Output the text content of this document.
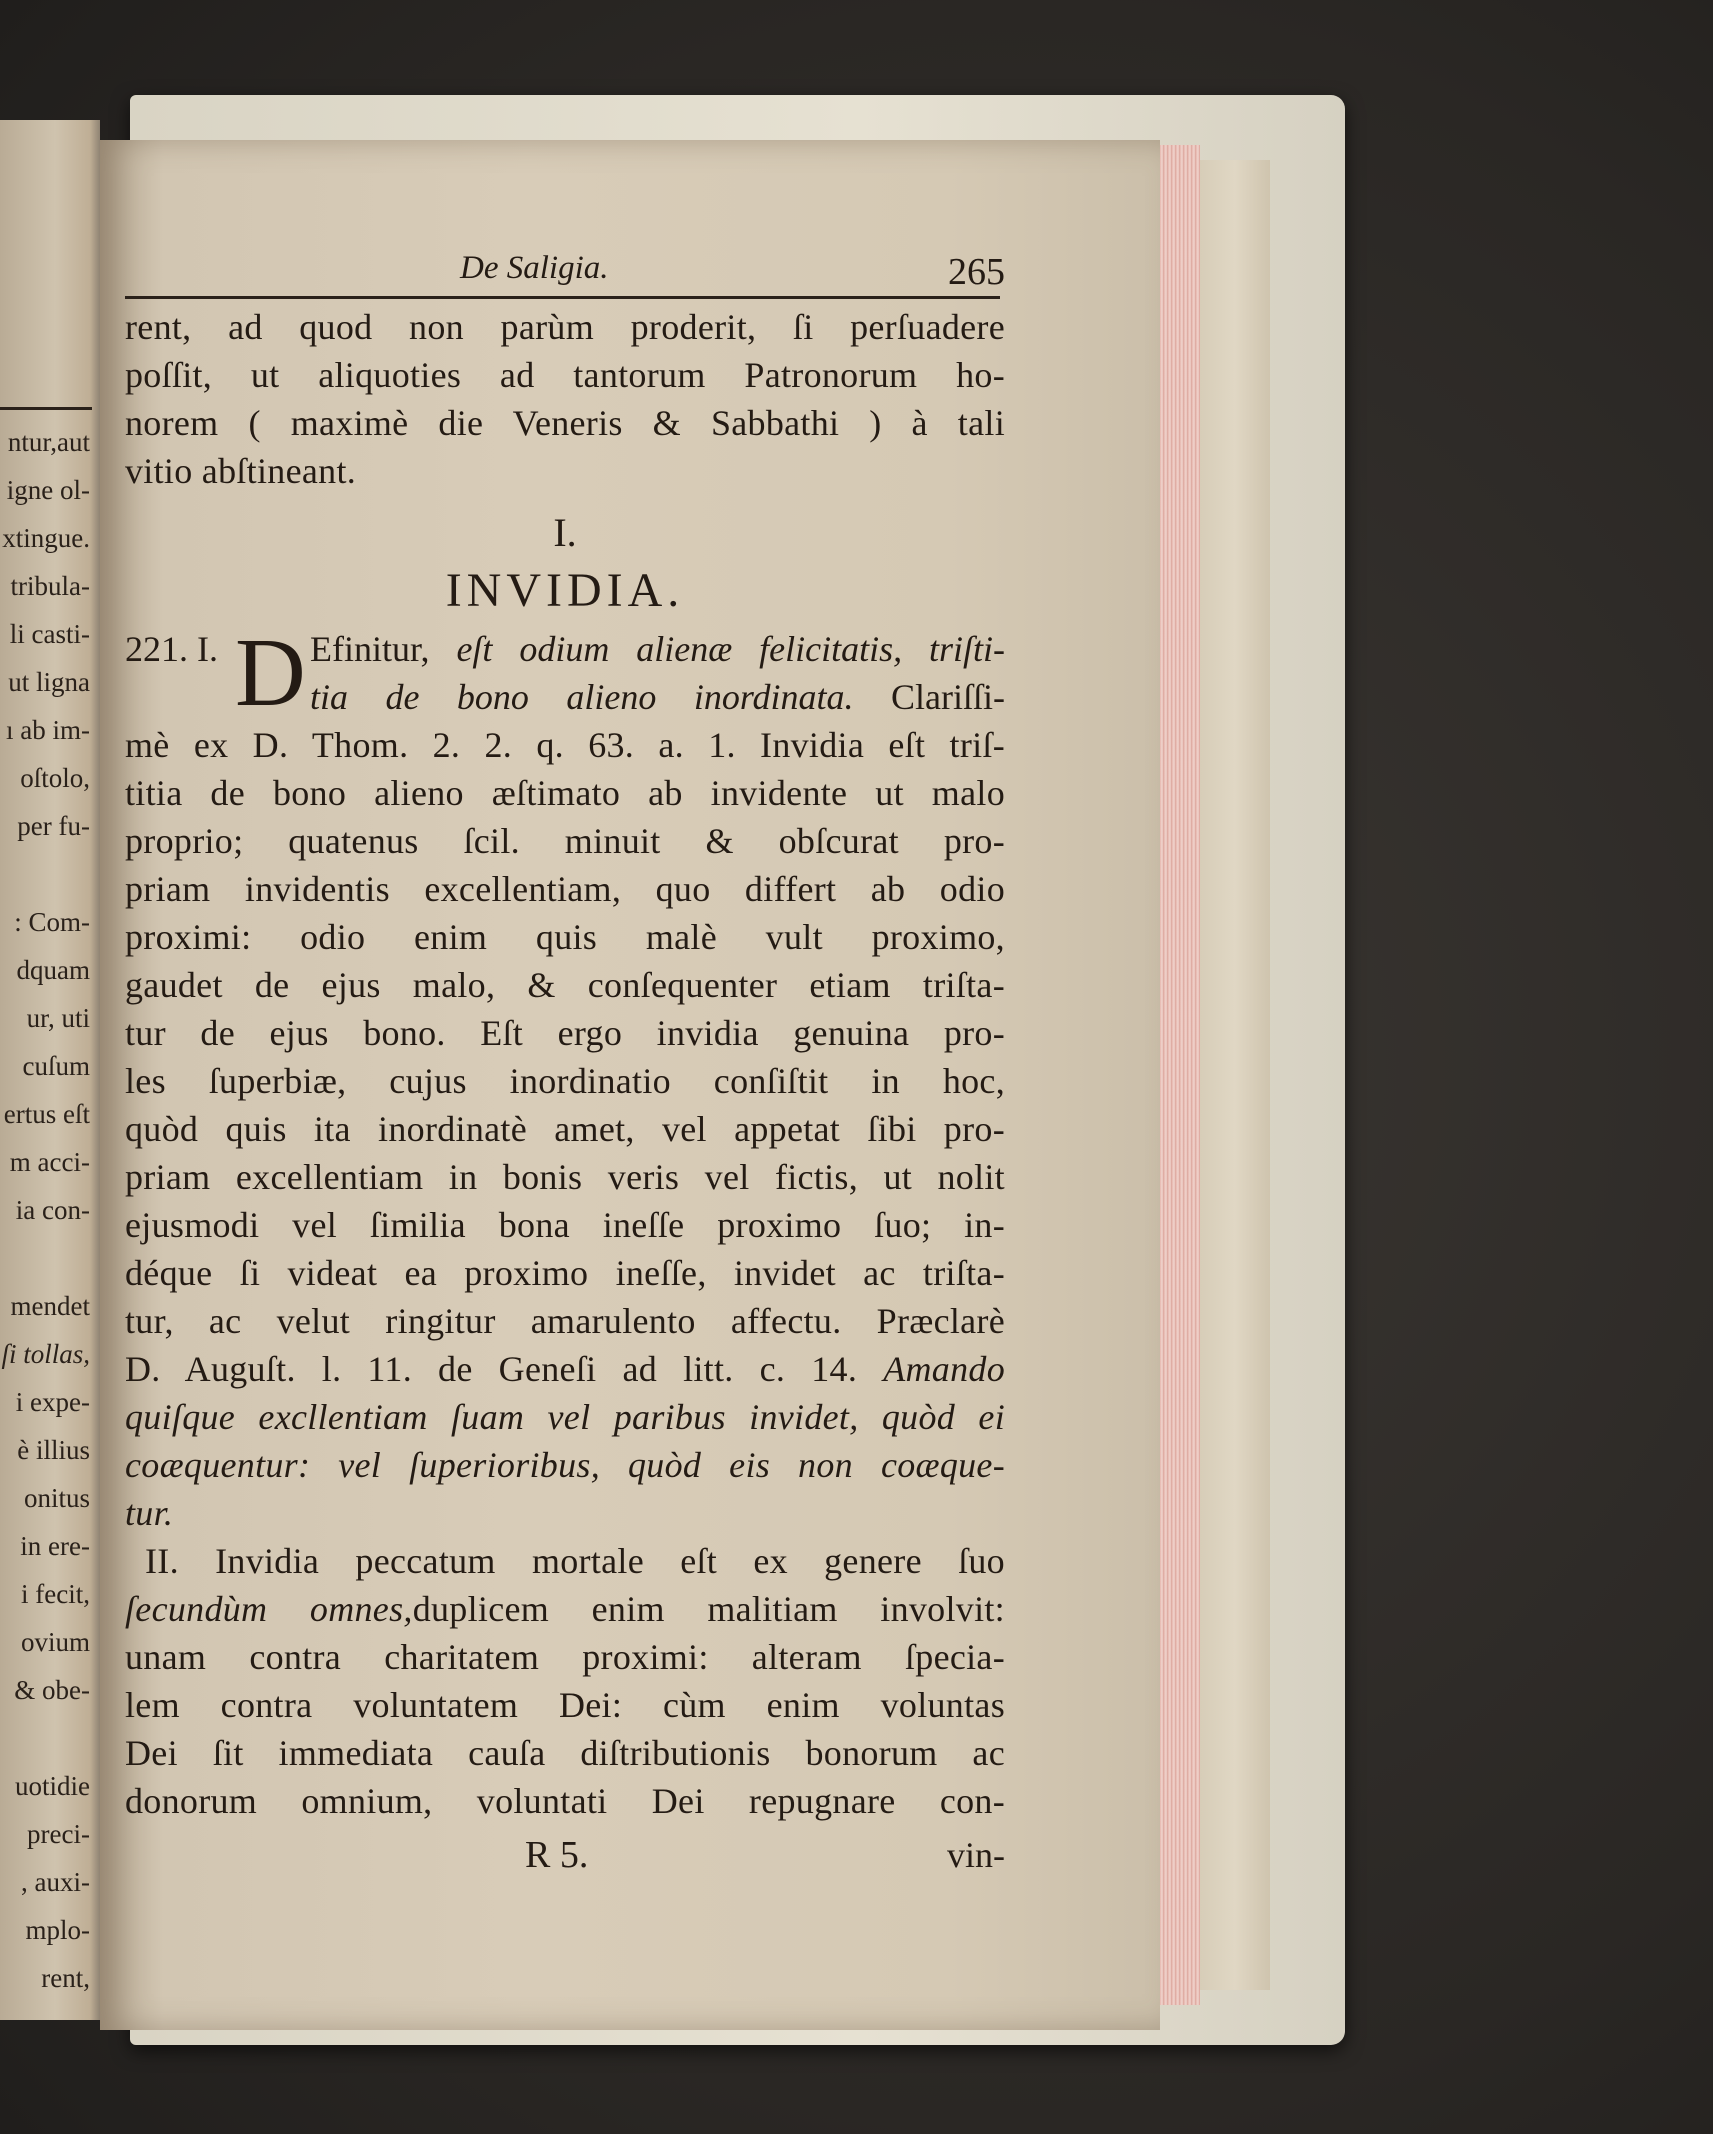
ntur,aut
igne ol-
xtingue.
tribula-
li casti-
ut ligna
ı ab im-
oſtolo,
per fu-
: Com-
dquam
ur, uti
cuſum
ertus eſt
m acci-
ia con-
mendet
ſi tollas,
i expe-
è illius
onitus
in ere-
i fecit,
ovium
& obe-
uotidie
preci-
, auxi-
mplo-
rent,
De Saligia.	265
rent, ad quod non parùm proderit, ſi perſuadere
poſſit, ut aliquoties ad tantorum Patronorum ho-
norem ( maximè die Veneris & Sabbathi ) à tali
vitio abſtineant.
I.
INVIDIA.
221. I. D Efinitur, eſt odium alienæ felicitatis, triſti-
tia de bono alieno inordinata. Clariſſi-
mè ex D. Thom. 2. 2. q. 63. a. 1. Invidia eſt triſ-
titia de bono alieno æſtimato ab invidente ut malo
proprio; quatenus ſcil. minuit & obſcurat pro-
priam invidentis excellentiam, quo differt ab odio
proximi: odio enim quis malè vult proximo,
gaudet de ejus malo, & conſequenter etiam triſta-
tur de ejus bono. Eſt ergo invidia genuina pro-
les ſuperbiæ, cujus inordinatio conſiſtit in hoc,
quòd quis ita inordinatè amet, vel appetat ſibi pro-
priam excellentiam in bonis veris vel fictis, ut nolit
ejusmodi vel ſimilia bona ineſſe proximo ſuo; in-
déque ſi videat ea proximo ineſſe, invidet ac triſta-
tur, ac velut ringitur amarulento affectu. Præclarè
D. Auguſt. l. 11. de Geneſi ad litt. c. 14. Amando
quiſque excllentiam ſuam vel paribus invidet, quòd ei
coæquentur: vel ſuperioribus, quòd eis non coæque-
tur.
II. Invidia peccatum mortale eſt ex genere ſuo
ſecundùm omnes,duplicem enim malitiam involvit:
unam contra charitatem proximi: alteram ſpecia-
lem contra voluntatem Dei: cùm enim voluntas
Dei ſit immediata cauſa diſtributionis bonorum ac
donorum omnium, voluntati Dei repugnare con-
R 5.	vin-
